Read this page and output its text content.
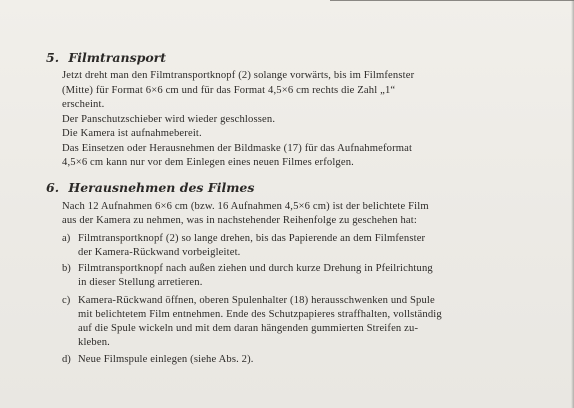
5. Filmtransport
Jetzt dreht man den Filmtransportknopf (2) solange vorwärts, bis im Filmfenster
(Mitte) für Format 6×6 cm und für das Format 4,5×6 cm rechts die Zahl „1“
erscheint.
Der Panschutzschieber wird wieder geschlossen.
Die Kamera ist aufnahmebereit.
Das Einsetzen oder Herausnehmen der Bildmaske (17) für das Aufnahmeformat
4,5×6 cm kann nur vor dem Einlegen eines neuen Filmes erfolgen.
6. Herausnehmen des Filmes
Nach 12 Aufnahmen 6×6 cm (bzw. 16 Aufnahmen 4,5×6 cm) ist der belichtete Film
aus der Kamera zu nehmen, was in nachstehender Reihenfolge zu geschehen hat:
a) Filmtransportknopf (2) so lange drehen, bis das Papierende an dem Filmfenster
der Kamera-Rückwand vorbeigleitet.
b) Filmtransportknopf nach außen ziehen und durch kurze Drehung in Pfeilrichtung
in dieser Stellung arretieren.
c) Kamera-Rückwand öffnen, oberen Spulenhalter (18) herausschwenken und Spule
mit belichtetem Film entnehmen. Ende des Schutzpapieres straffhalten, vollständig
auf die Spule wickeln und mit dem daran hängenden gummierten Streifen zu-
kleben.
d) Neue Filmspule einlegen (siehe Abs. 2).
